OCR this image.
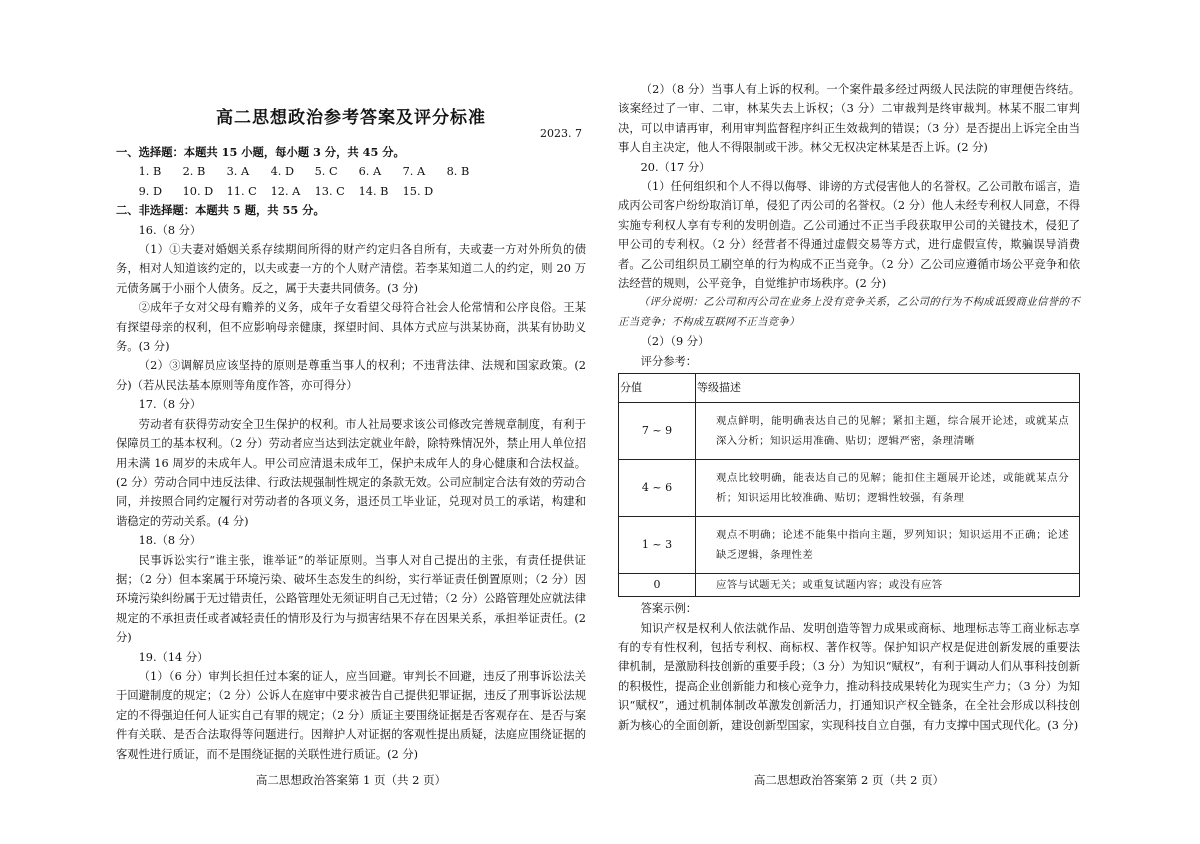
高二思想政治参考答案及评分标准
2023. 7

一、选择题：本题共 15 小题，每小题 3 分，共 45 分。

1. B 2. B 3. A 4. D 5. C 6. A 7. A 8. B

9. D 10. D 11. C 12. A 13. C 14. B 15. D

二、非选择题：本题共 5 题，共 55 分。

16.（8 分）

（1）①夫妻对婚姻关系存续期间所得的财产约定归各自所有，夫或妻一方对外所负的债务，相对人知道该约定的，以夫或妻一方的个人财产清偿。若李某知道二人的约定，则 20 万元债务属于小丽个人债务。反之，属于夫妻共同债务。(3 分)

②成年子女对父母有赡养的义务，成年子女看望父母符合社会人伦常情和公序良俗。王某有探望母亲的权利，但不应影响母亲健康，探望时间、具体方式应与洪某协商，洪某有协助义务。(3 分)

（2）③调解员应该坚持的原则是尊重当事人的权利；不违背法律、法规和国家政策。(2 分)（若从民法基本原则等角度作答，亦可得分）

17.（8 分）

劳动者有获得劳动安全卫生保护的权利。市人社局要求该公司修改完善规章制度，有利于保障员工的基本权利。（2 分）劳动者应当达到法定就业年龄，除特殊情况外，禁止用人单位招用未满 16 周岁的未成年人。甲公司应清退未成年工，保护未成年人的身心健康和合法权益。(2 分）劳动合同中违反法律、行政法规强制性规定的条款无效。公司应制定合法有效的劳动合同，并按照合同约定履行对劳动者的各项义务，退还员工毕业证，兑现对员工的承诺，构建和谐稳定的劳动关系。(4 分)

18.（8 分）

民事诉讼实行“谁主张，谁举证”的举证原则。当事人对自己提出的主张，有责任提供证据；（2 分）但本案属于环境污染、破坏生态发生的纠纷，实行举证责任倒置原则；（2 分）因环境污染纠纷属于无过错责任，公路管理处无须证明自己无过错；（2 分）公路管理处应就法律规定的不承担责任或者减轻责任的情形及行为与损害结果不存在因果关系，承担举证责任。(2 分)

19.（14 分）

（1）（6 分）审判长担任过本案的证人，应当回避。审判长不回避，违反了刑事诉讼法关于回避制度的规定；（2 分）公诉人在庭审中要求被告自己提供犯罪证据，违反了刑事诉讼法规定的不得强迫任何人证实自己有罪的规定；（2 分）质证主要围绕证据是否客观存在、是否与案件有关联、是否合法取得等问题进行。因辩护人对证据的客观性提出质疑，法庭应围绕证据的客观性进行质证，而不是围绕证据的关联性进行质证。(2 分)

高二思想政治答案第 1 页（共 2 页）

（2）（8 分）当事人有上诉的权利。一个案件最多经过两级人民法院的审理便告终结。该案经过了一审、二审，林某失去上诉权；（3 分）二审裁判是终审裁判。林某不服二审判决，可以申请再审，利用审判监督程序纠正生效裁判的错误；（3 分）是否提出上诉完全由当事人自主决定，他人不得限制或干涉。林父无权决定林某是否上诉。(2 分)

20.（17 分）

（1）任何组织和个人不得以侮辱、诽谤的方式侵害他人的名誉权。乙公司散布谣言，造成丙公司客户纷纷取消订单，侵犯了丙公司的名誉权。（2 分）他人未经专利权人同意，不得实施专利权人享有专利的发明创造。乙公司通过不正当手段获取甲公司的关键技术，侵犯了甲公司的专利权。（2 分）经营者不得通过虚假交易等方式，进行虚假宣传，欺骗误导消费者。乙公司组织员工刷空单的行为构成不正当竞争。（2 分）乙公司应遵循市场公平竞争和依法经营的规则，公平竞争，自觉维护市场秩序。(2 分)

（评分说明：乙公司和丙公司在业务上没有竞争关系，乙公司的行为不构成诋毁商业信誉的不正当竞争；不构成互联网不正当竞争）

（2）（9 分）

评分参考：

分值	等级描述
7 ~ 9	观点鲜明，能明确表达自己的见解；紧扣主题，综合展开论述，或就某点深入分析；知识运用准确、贴切；逻辑严密，条理清晰
4 ~ 6	观点比较明确，能表达自己的见解；能扣住主题展开论述，或能就某点分析；知识运用比较准确、贴切；逻辑性较强，有条理
1 ~ 3	观点不明确；论述不能集中指向主题，罗列知识；知识运用不正确；论述缺乏逻辑，条理性差
0	应答与试题无关；或重复试题内容；或没有应答

答案示例：

知识产权是权利人依法就作品、发明创造等智力成果或商标、地理标志等工商业标志享有的专有性权利，包括专利权、商标权、著作权等。保护知识产权是促进创新发展的重要法律机制，是激励科技创新的重要手段；（3 分）为知识“赋权”，有利于调动人们从事科技创新的积极性，提高企业创新能力和核心竞争力，推动科技成果转化为现实生产力；（3 分）为知识“赋权”，通过机制体制改革激发创新活力，打通知识产权全链条，在全社会形成以科技创新为核心的全面创新，建设创新型国家，实现科技自立自强，有力支撑中国式现代化。(3 分)

高二思想政治答案第 2 页（共 2 页）
